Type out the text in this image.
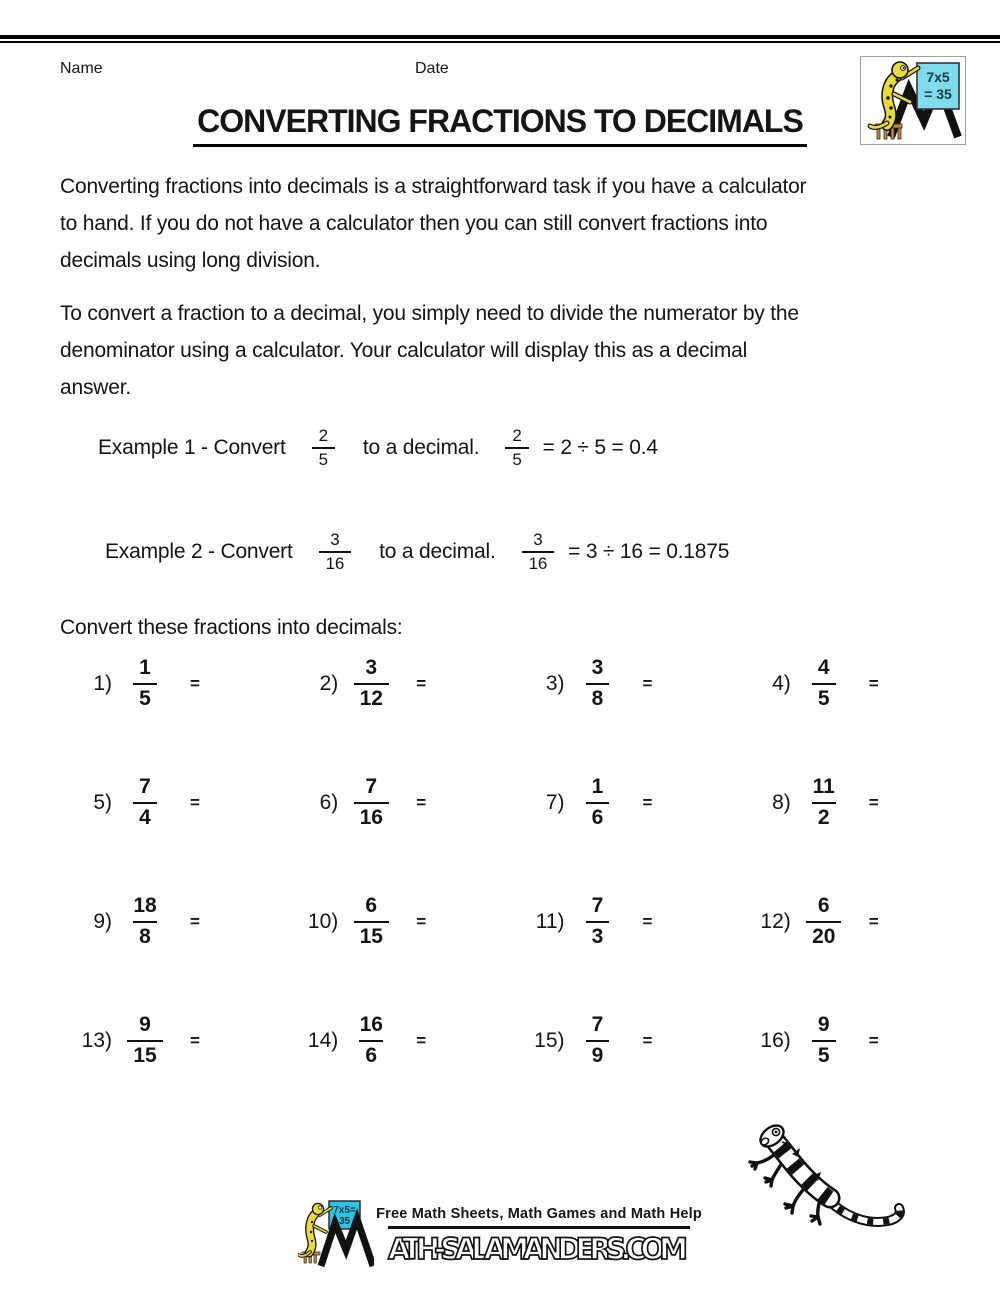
Name	Date	7x5
= 35
CONVERTING FRACTIONS TO DECIMALS
Converting fractions into decimals is a straightforward task if you have a calculator
to hand. If you do not have a calculator then you can still convert fractions into
decimals using long division.
To convert a fraction to a decimal, you simply need to divide the numerator by the
denominator using a calculator. Your calculator will display this as a decimal
answer.
Example 1 - Convert $\frac{2}{5}$ to a decimal. $\frac{2}{5} = 2 \div 5 = 0.4$
Example 2 - Convert $\frac{3}{16}$ to a decimal. $\frac{3}{16} = 3 \div 16 = 0.1875$
Convert these fractions into decimals:
$1) \frac{1}{5}$ =	$2) \frac{3}{12}$ =	$3) \frac{3}{8}$ =	$4) \frac{4}{5}$ =
$5) \frac{7}{4}$ =	$6) \frac{7}{16}$ =	$7) \frac{1}{6}$ =	$8) \frac{11}{2}$ =
$9) \frac{18}{8}$ =	$10) \frac{6}{15}$ =	$11) \frac{7}{3}$ =	$12) \frac{6}{20}$ =
$13) \frac{9}{15}$ =	$14) \frac{16}{6}$ =	$15) \frac{7}{9}$ =	$16) \frac{9}{5}$ =
7x5=
35 Free Math Sheets, Math Games and Math Help
ATH-SALAMANDERS.COM
